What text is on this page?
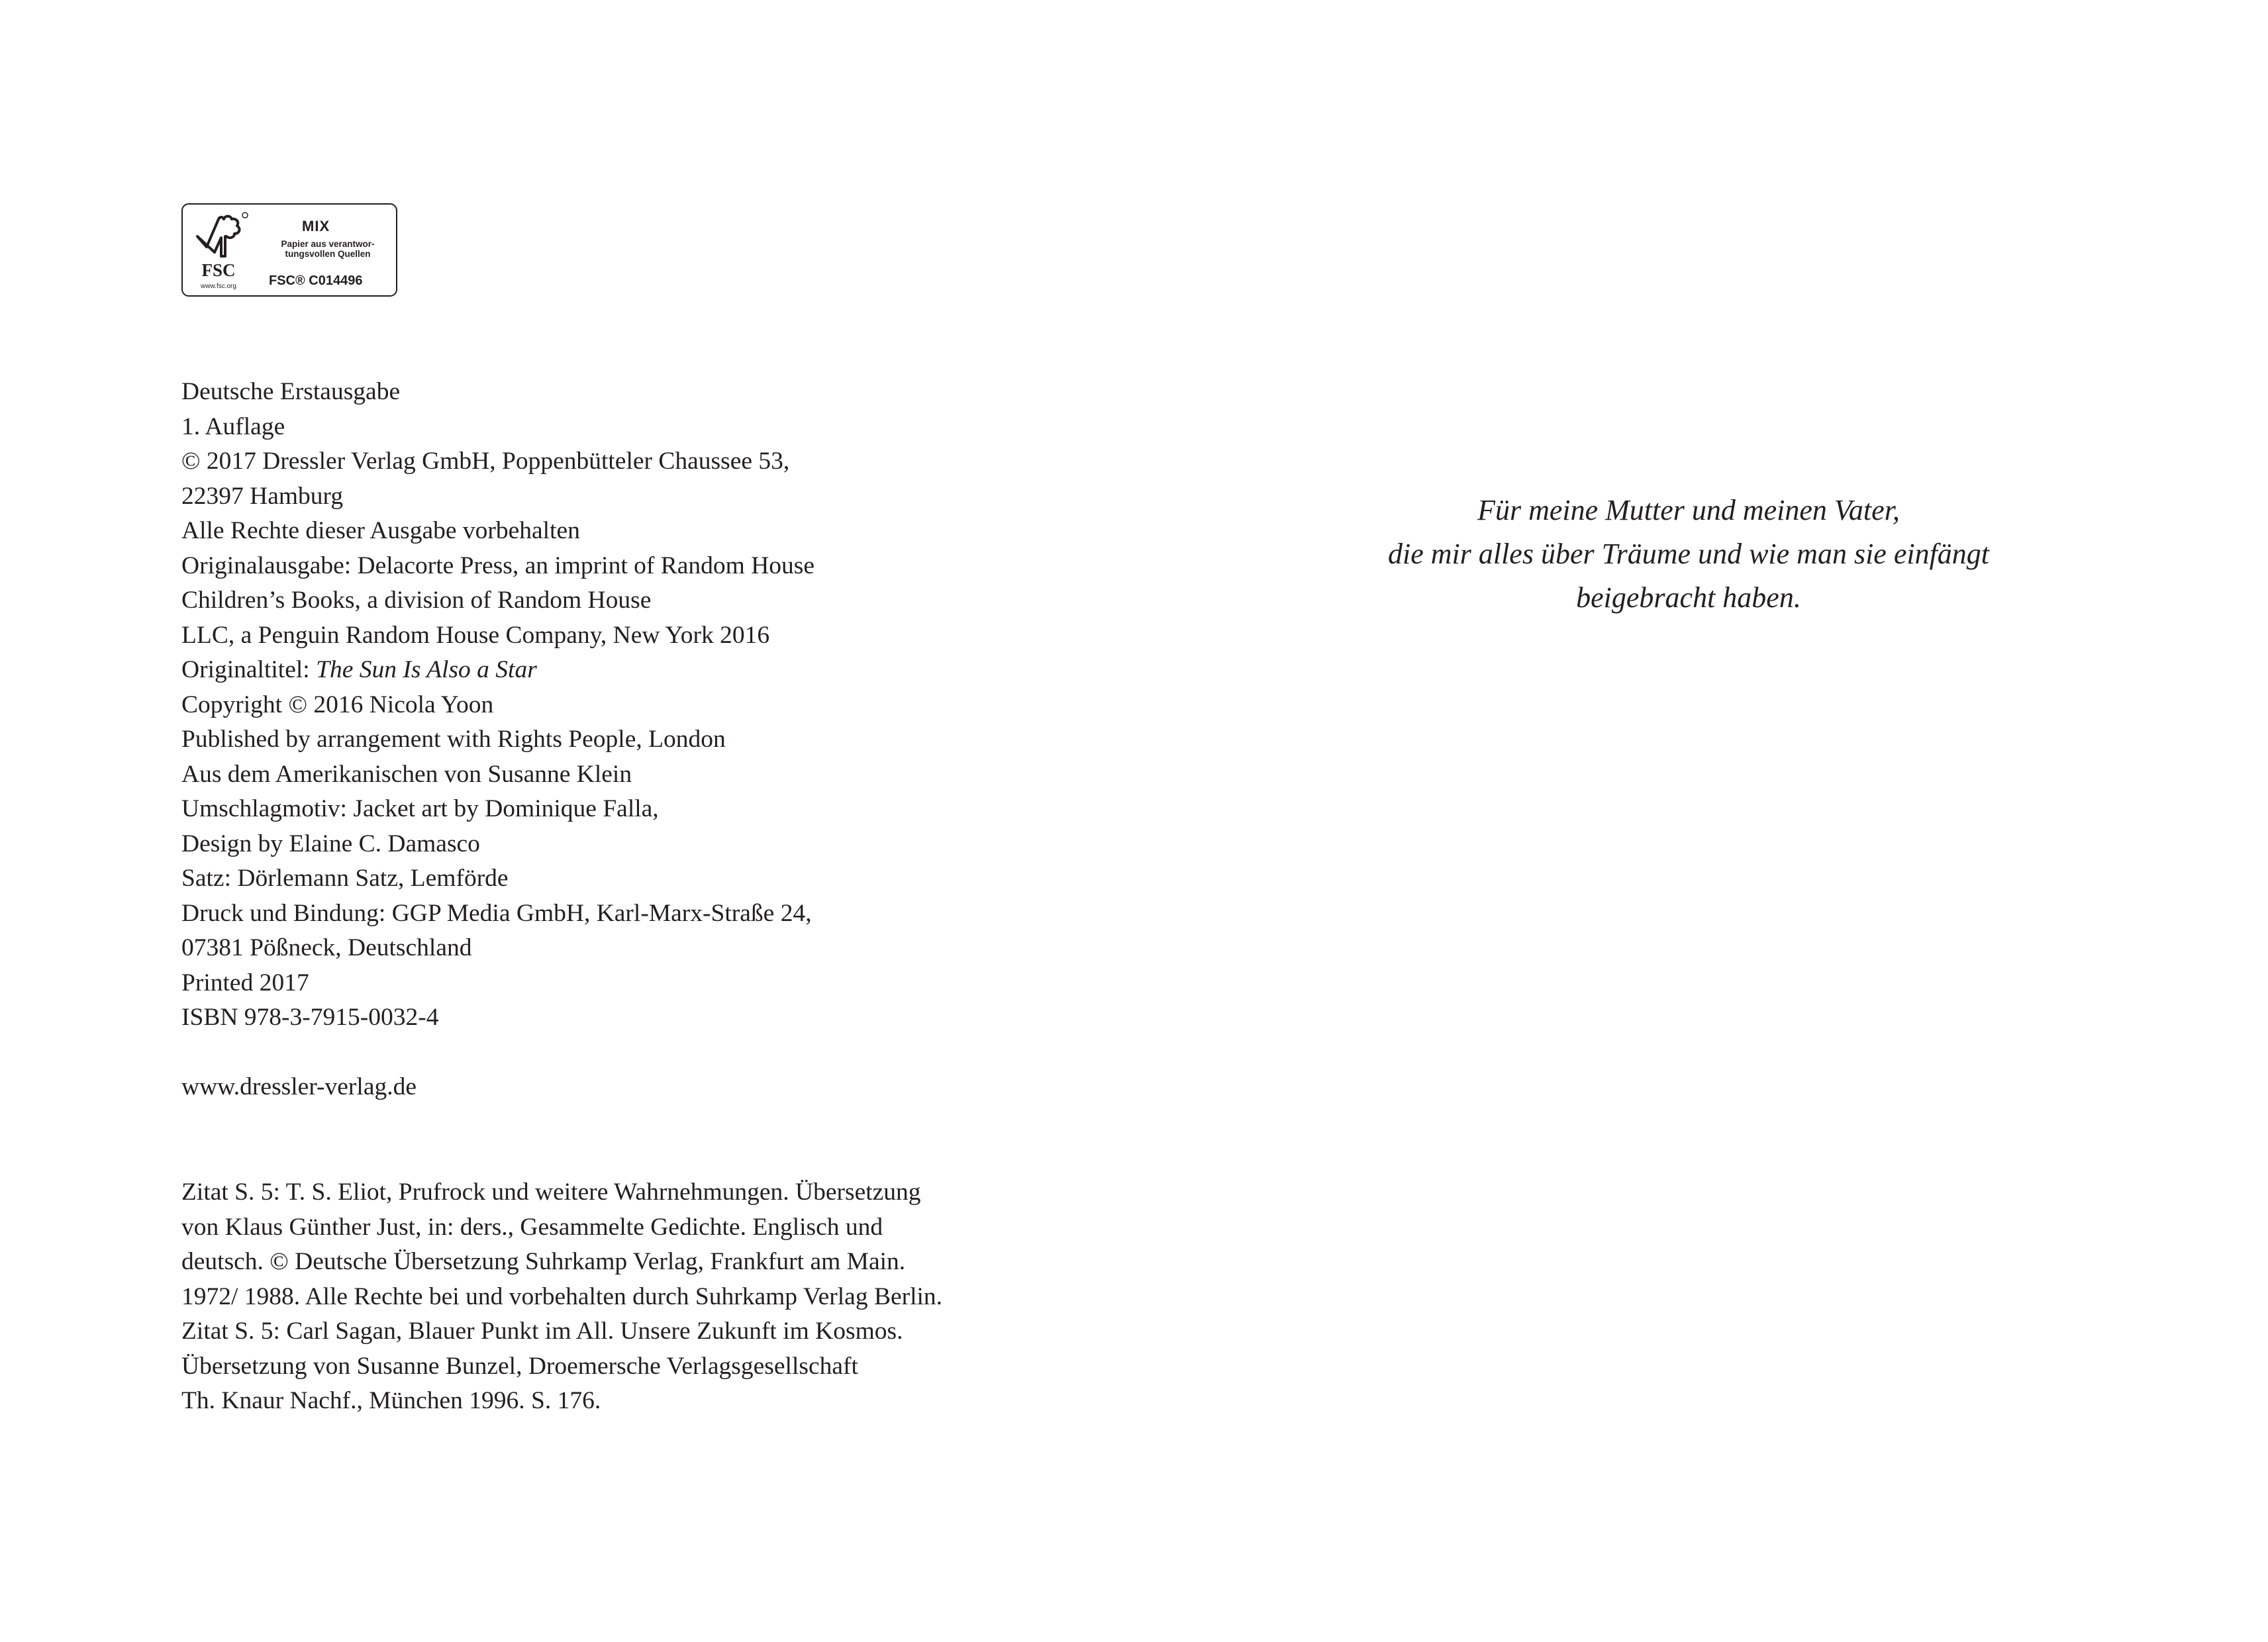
FSC
www.fsc.org
MIX
Papier aus verantwor-
tungsvollen Quellen
FSC® C014496
Deutsche Erstausgabe
1. Auflage
© 2017 Dressler Verlag GmbH, Poppenbütteler Chaussee 53,
22397 Hamburg
Alle Rechte dieser Ausgabe vorbehalten
Originalausgabe: Delacorte Press, an imprint of Random House
Children’s Books, a division of Random House
LLC, a Penguin Random House Company, New York 2016
Originaltitel: The Sun Is Also a Star
Copyright © 2016 Nicola Yoon
Published by arrangement with Rights People, London
Aus dem Amerikanischen von Susanne Klein
Umschlagmotiv: Jacket art by Dominique Falla,
Design by Elaine C. Damasco
Satz: Dörlemann Satz, Lemförde
Druck und Bindung: GGP Media GmbH, Karl-Marx-Straße 24,
07381 Pößneck, Deutschland
Printed 2017
ISBN 978-3-7915-0032-4
www.dressler-verlag.de
Zitat S. 5: T. S. Eliot, Prufrock und weitere Wahrnehmungen. Übersetzung
von Klaus Günther Just, in: ders., Gesammelte Gedichte. Englisch und
deutsch. © Deutsche Übersetzung Suhrkamp Verlag, Frankfurt am Main.
1972/ 1988. Alle Rechte bei und vorbehalten durch Suhrkamp Verlag Berlin.
Zitat S. 5: Carl Sagan, Blauer Punkt im All. Unsere Zukunft im Kosmos.
Übersetzung von Susanne Bunzel, Droemersche Verlagsgesellschaft
Th. Knaur Nachf., München 1996. S. 176.
Für meine Mutter und meinen Vater,
die mir alles über Träume und wie man sie einfängt
beigebracht haben.
